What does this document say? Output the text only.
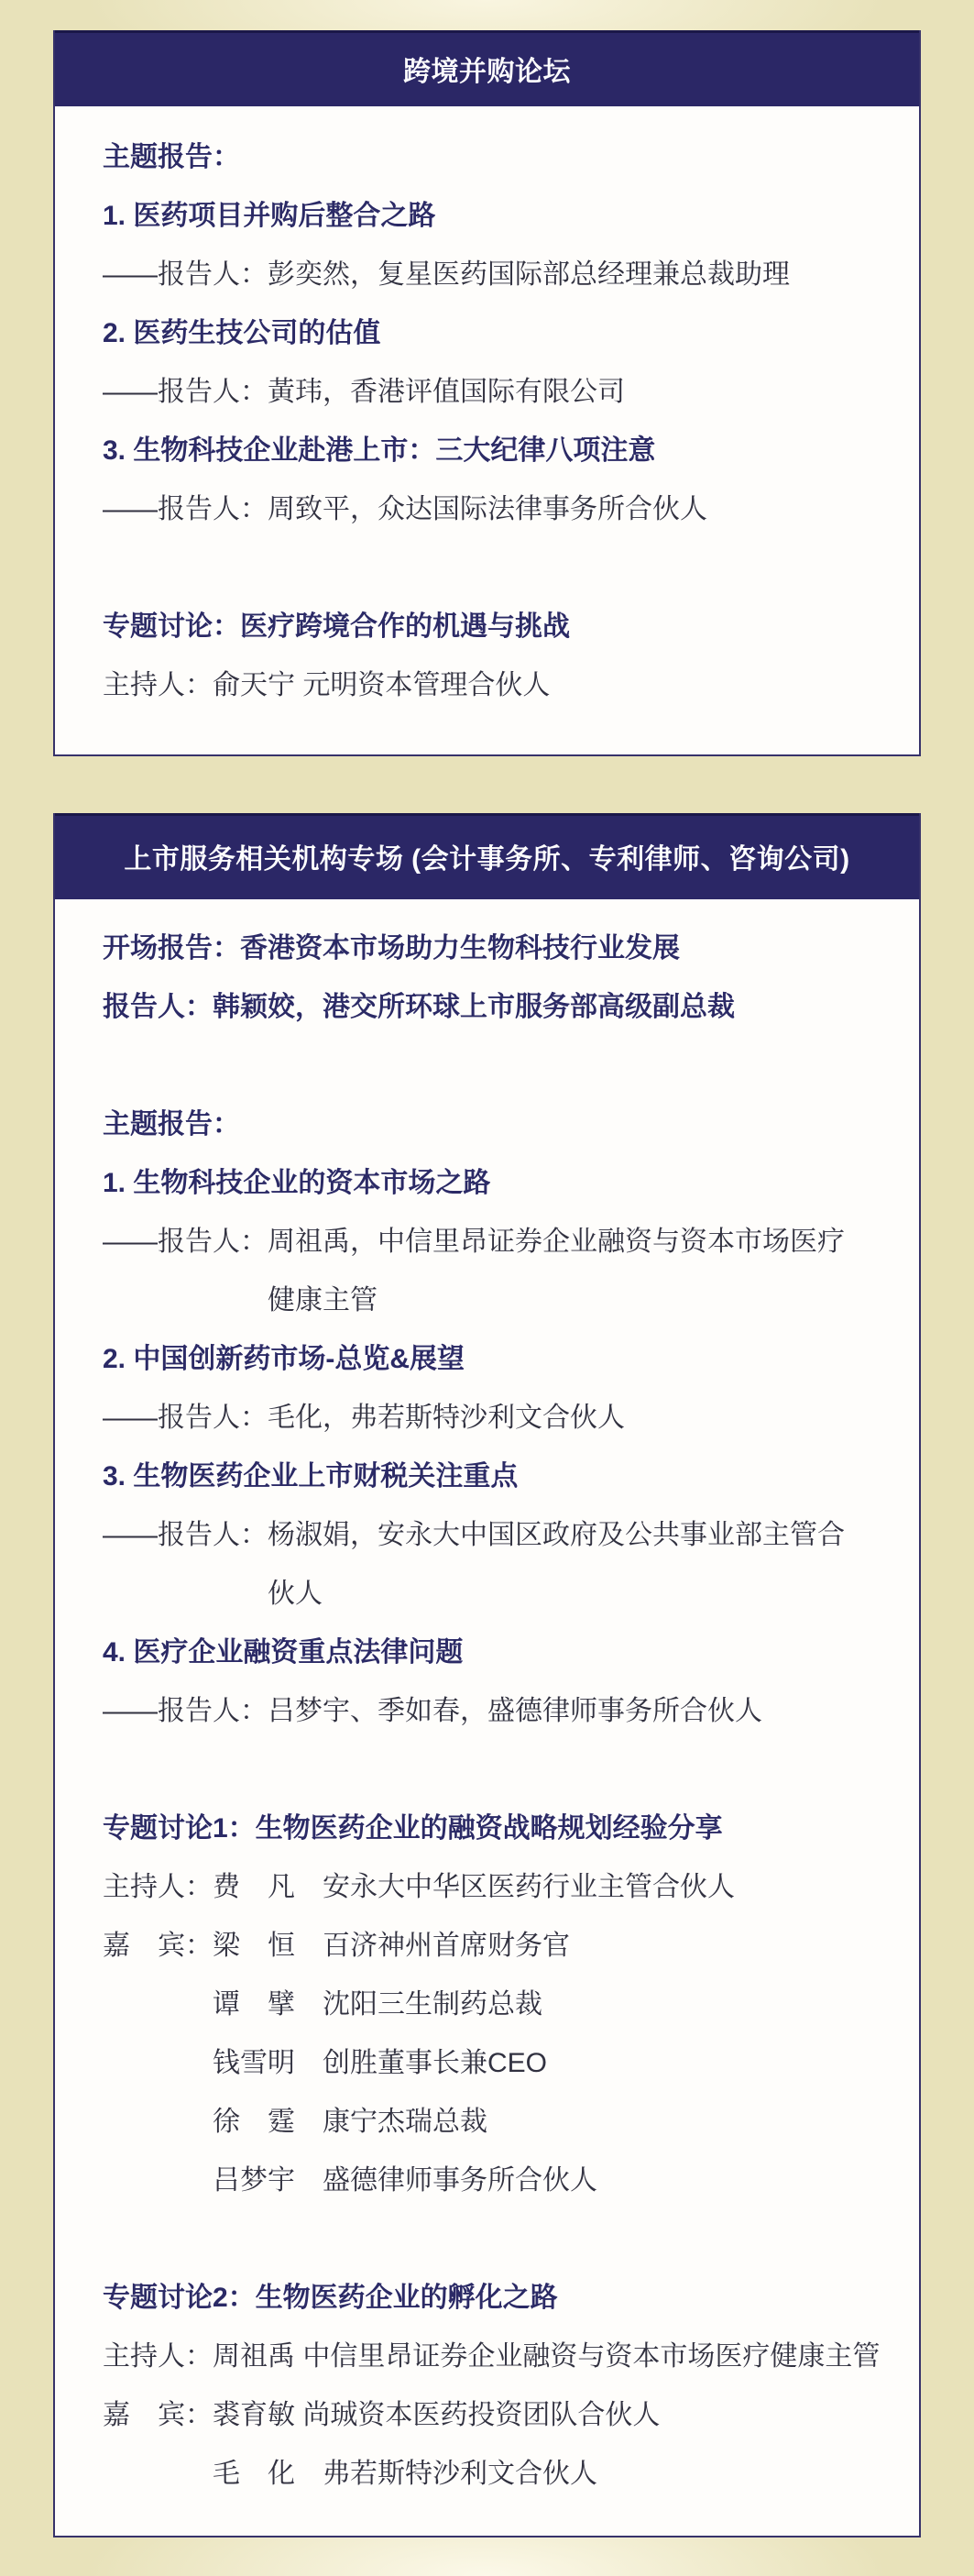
跨境并购论坛
主题报告：
1. 医药项目并购后整合之路
——报告人：彭奕然，复星医药国际部总经理兼总裁助理
2. 医药生技公司的估值
——报告人：黃玮，香港评值国际有限公司
3. 生物科技企业赴港上市：三大纪律八项注意
——报告人：周致平，众达国际法律事务所合伙人
专题讨论：医疗跨境合作的机遇与挑战
主持人：俞天宁 元明资本管理合伙人
上市服务相关机构专场 (会计事务所、专利律师、咨询公司)
开场报告：香港资本市场助力生物科技行业发展
报告人：韩颖姣，港交所环球上市服务部高级副总裁
主题报告：
1. 生物科技企业的资本市场之路
——报告人：周祖禹，中信里昂证券企业融资与资本市场医疗
健康主管
2. 中国创新药市场-总览&展望
——报告人：毛化，弗若斯特沙利文合伙人
3. 生物医药企业上市财税关注重点
——报告人：杨淑娟，安永大中国区政府及公共事业部主管合
伙人
4. 医疗企业融资重点法律问题
——报告人：吕梦宇、季如春，盛德律师事务所合伙人
专题讨论1：生物医药企业的融资战略规划经验分享
主持人：费　凡　安永大中华区医药行业主管合伙人
嘉　宾：梁　恒　百济神州首席财务官
谭　擘　沈阳三生制药总裁
钱雪明　创胜董事长兼CEO
徐　霆　康宁杰瑞总裁
吕梦宇　盛德律师事务所合伙人
专题讨论2：生物医药企业的孵化之路
主持人：周祖禹 中信里昂证券企业融资与资本市场医疗健康主管
嘉　宾：裘育敏 尚珹资本医药投资团队合伙人
毛　化　弗若斯特沙利文合伙人
